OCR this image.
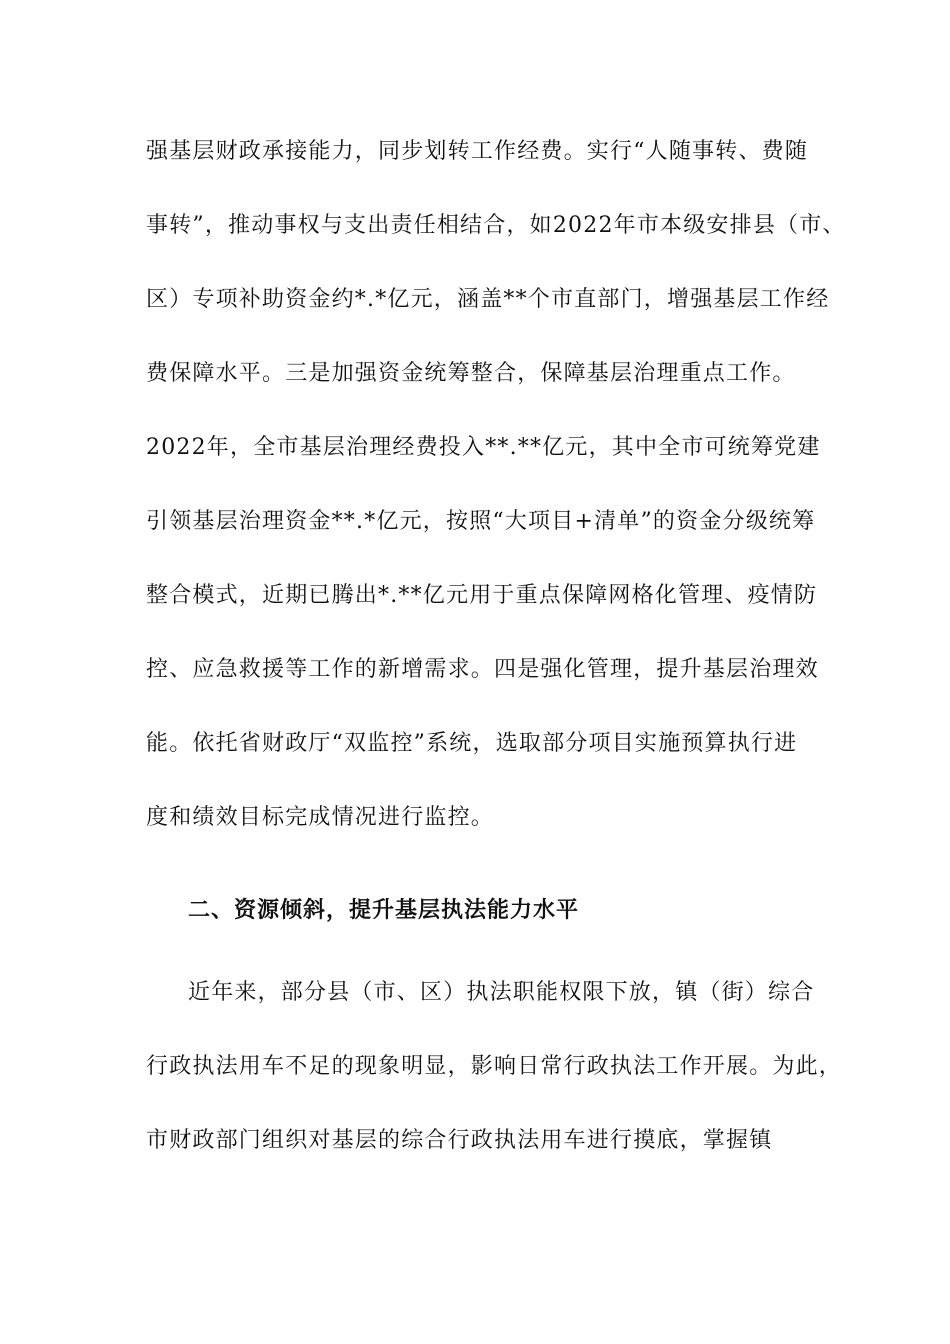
强基层财政承接能力，同步划转工作经费。实行“人随事转、费随
事转”，推动事权与支出责任相结合，如2022年市本级安排县（市、
区）专项补助资金约*.*亿元，涵盖**个市直部门，增强基层工作经
费保障水平。三是加强资金统筹整合，保障基层治理重点工作。
2022年，全市基层治理经费投入**.**亿元，其中全市可统筹党建
引领基层治理资金**.*亿元，按照“大项目+清单”的资金分级统筹
整合模式，近期已腾出*.**亿元用于重点保障网格化管理、疫情防
控、应急救援等工作的新增需求。四是强化管理，提升基层治理效
能。依托省财政厅“双监控”系统，选取部分项目实施预算执行进
度和绩效目标完成情况进行监控。
二、资源倾斜，提升基层执法能力水平
近年来，部分县（市、区）执法职能权限下放，镇（街）综合
行政执法用车不足的现象明显，影响日常行政执法工作开展。为此，
市财政部门组织对基层的综合行政执法用车进行摸底，掌握镇
